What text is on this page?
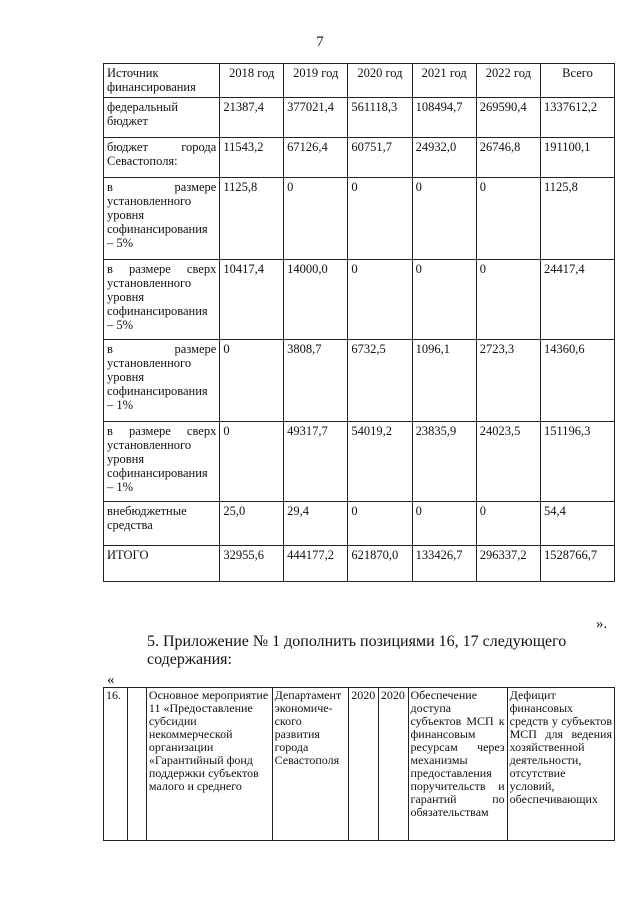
7
Источник финансирования	2018 год	2019 год	2020 год	2021 год	2022 год	Всего
федеральный бюджет	21387,4	377021,4	561118,3	108494,7	269590,4	1337612,2
бюджет города Севастополя:	11543,2	67126,4	60751,7	24932,0	26746,8	191100,1
в размере установленного уровня софинансирования – 5%	1125,8	0	0	0	0	1125,8
в размере сверх установленного уровня софинансирования – 5%	10417,4	14000,0	0	0	0	24417,4
в размере установленного уровня софинансирования – 1%	0	3808,7	6732,5	1096,1	2723,3	14360,6
в размере сверх установленного уровня софинансирования – 1%	0	49317,7	54019,2	23835,9	24023,5	151196,3
внебюджетные средства	25,0	29,4	0	0	0	54,4
ИТОГО	32955,6	444177,2	621870,0	133426,7	296337,2	1528766,7
».
5. Приложение № 1 дополнить позициями 16, 17 следующего содержания:
«
16.		Основное мероприятие 11 «Предоставление субсидии некоммерческой организации «Гарантийный фонд поддержки субъектов малого и среднего	Департамент экономиче-ского развития города Севастополя	2020	2020	Обеспечение доступа субъектов МСП к финансовым ресурсам через механизмы предоставления поручительств и гарантий по обязательствам	Дефицит финансовых средств у субъектов МСП для ведения хозяйственной деятельности, отсутствие условий, обеспечивающих
